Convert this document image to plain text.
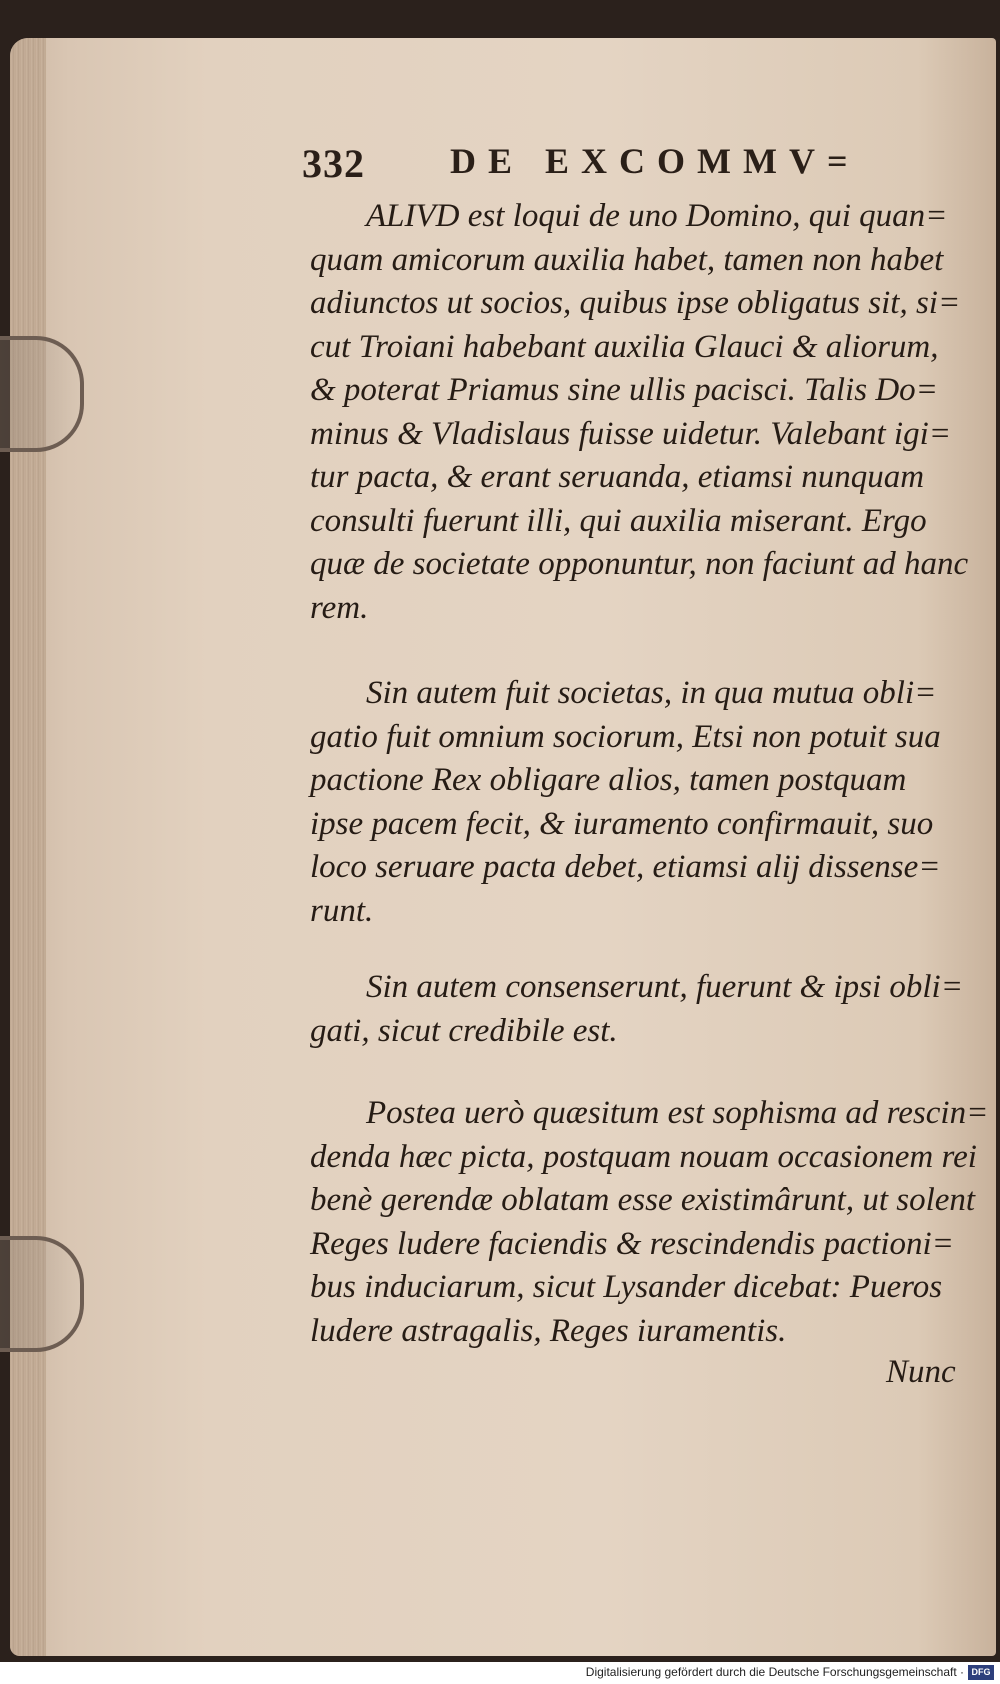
332 DE EXCOMMV=
ALIVD est loqui de uno Domino, qui quan=
quam amicorum auxilia habet, tamen non habet
adiunctos ut socios, quibus ipse obligatus sit, si=
cut Troiani habebant auxilia Glauci & aliorum,
& poterat Priamus sine ullis pacisci. Talis Do=
minus & Vladislaus fuisse uidetur. Valebant igi=
tur pacta, & erant seruanda, etiamsi nunquam
consulti fuerunt illi, qui auxilia miserant. Ergo
quæ de societate opponuntur, non faciunt ad hanc
rem.
Sin autem fuit societas, in qua mutua obli=
gatio fuit omnium sociorum, Etsi non potuit sua
pactione Rex obligare alios, tamen postquam
ipse pacem fecit, & iuramento confirmauit, suo
loco seruare pacta debet, etiamsi alij dissense=
runt.
Sin autem consenserunt, fuerunt & ipsi obli=
gati, sicut credibile est.
Postea uerò quæsitum est sophisma ad rescin=
denda hæc picta, postquam nouam occasionem rei
benè gerendæ oblatam esse existimârunt, ut solent
Reges ludere faciendis & rescindendis pactioni=
bus induciarum, sicut Lysander dicebat: Pueros
ludere astragalis, Reges iuramentis.
Nunc
Digitalisierung gefördert durch die Deutsche Forschungsgemeinschaft · DFG
